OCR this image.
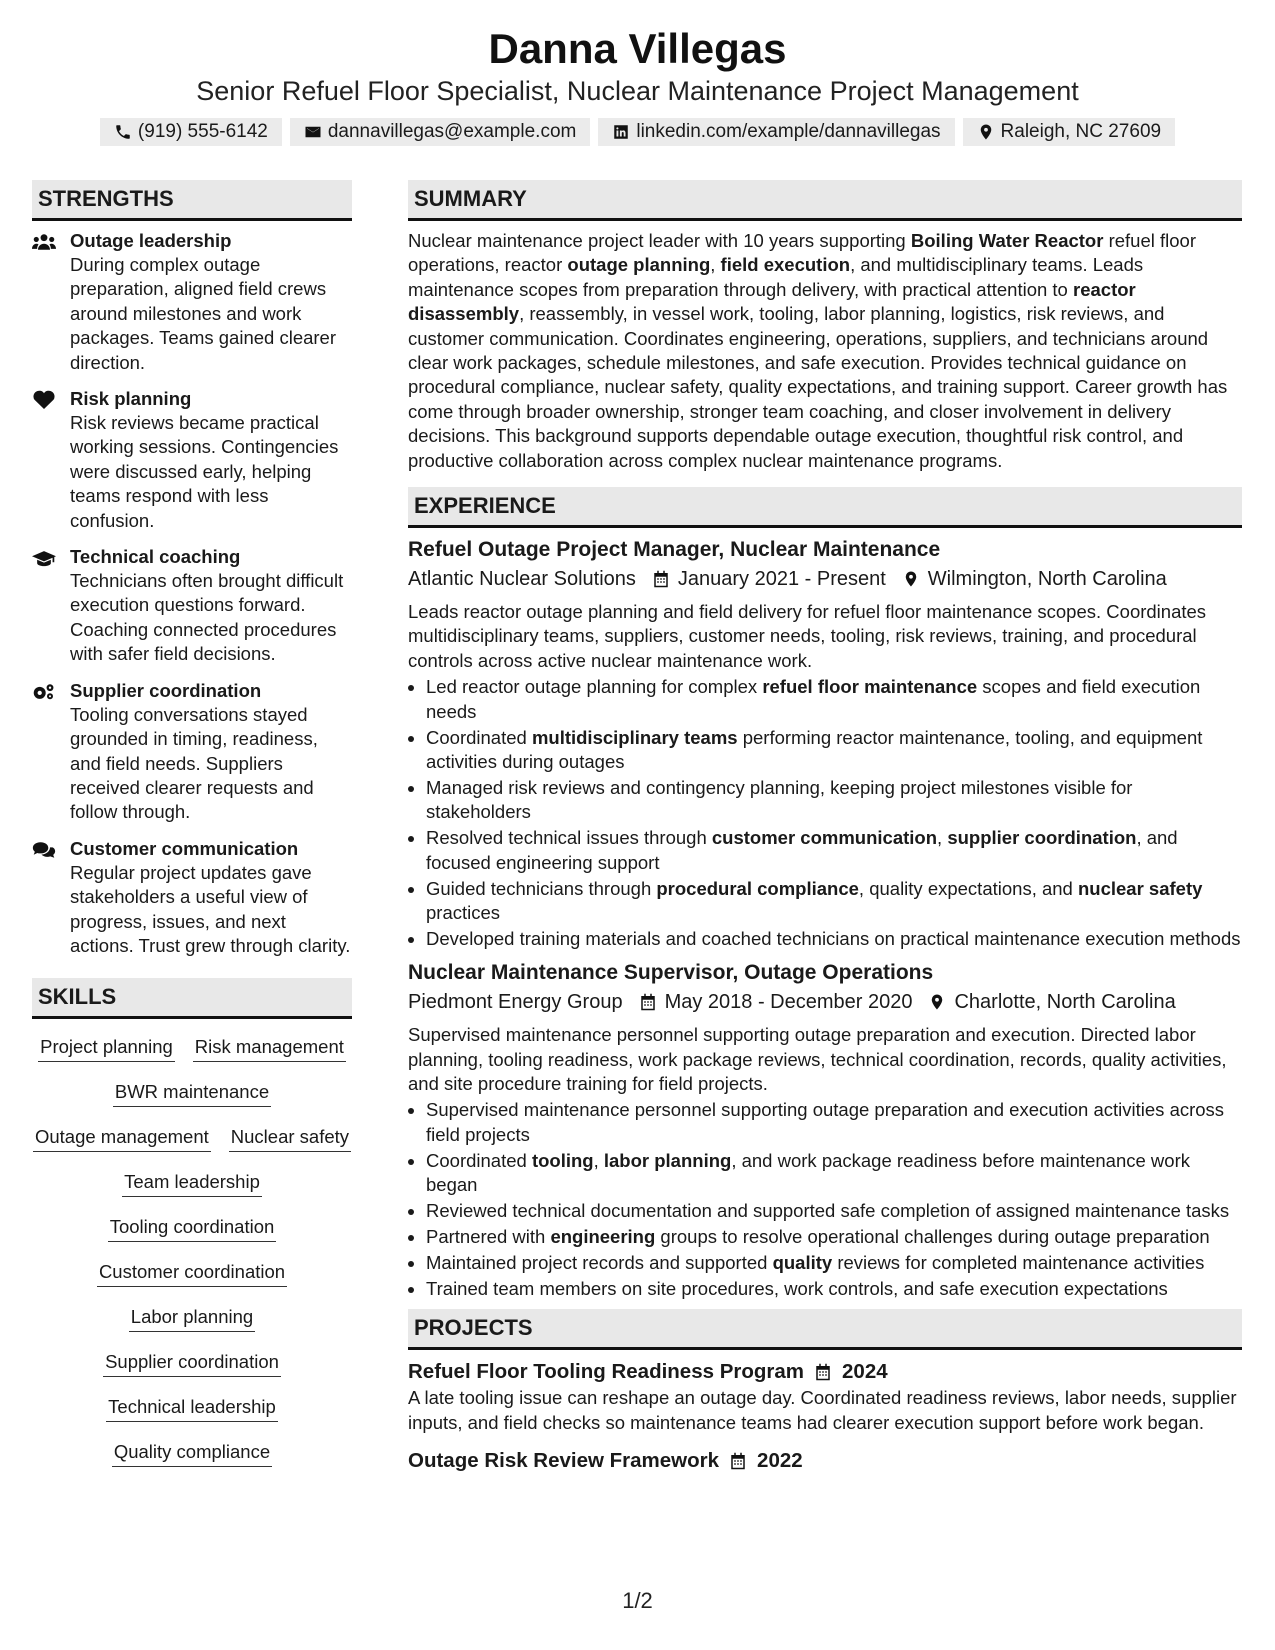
Danna Villegas
Senior Refuel Floor Specialist, Nuclear Maintenance Project Management
(919) 555-6142	dannavillegas@example.com	linkedin.com/example/dannavillegas	Raleigh, NC 27609
STRENGTHS
Outage leadership
During complex outage preparation, aligned field crews around milestones and work packages. Teams gained clearer direction.
Risk planning
Risk reviews became practical working sessions. Contingencies were discussed early, helping teams respond with less confusion.
Technical coaching
Technicians often brought difficult execution questions forward. Coaching connected procedures with safer field decisions.
Supplier coordination
Tooling conversations stayed grounded in timing, readiness, and field needs. Suppliers received clearer requests and follow through.
Customer communication
Regular project updates gave stakeholders a useful view of progress, issues, and next actions. Trust grew through clarity.
SKILLS
Project planning Risk management
BWR maintenance
Outage management Nuclear safety
Team leadership
Tooling coordination
Customer coordination
Labor planning
Supplier coordination
Technical leadership
Quality compliance
SUMMARY
Nuclear maintenance project leader with 10 years supporting Boiling Water Reactor refuel floor operations, reactor outage planning, field execution, and multidisciplinary teams. Leads maintenance scopes from preparation through delivery, with practical attention to reactor disassembly, reassembly, in vessel work, tooling, labor planning, logistics, risk reviews, and customer communication. Coordinates engineering, operations, suppliers, and technicians around clear work packages, schedule milestones, and safe execution. Provides technical guidance on procedural compliance, nuclear safety, quality expectations, and training support. Career growth has come through broader ownership, stronger team coaching, and closer involvement in delivery decisions. This background supports dependable outage execution, thoughtful risk control, and productive collaboration across complex nuclear maintenance programs.
EXPERIENCE
Refuel Outage Project Manager, Nuclear Maintenance
Atlantic Nuclear Solutions January 2021 - Present Wilmington, North Carolina
Leads reactor outage planning and field delivery for refuel floor maintenance scopes. Coordinates multidisciplinary teams, suppliers, customer needs, tooling, risk reviews, training, and procedural controls across active nuclear maintenance work.
• Led reactor outage planning for complex refuel floor maintenance scopes and field execution needs
• Coordinated multidisciplinary teams performing reactor maintenance, tooling, and equipment activities during outages
• Managed risk reviews and contingency planning, keeping project milestones visible for stakeholders
• Resolved technical issues through customer communication, supplier coordination, and focused engineering support
• Guided technicians through procedural compliance, quality expectations, and nuclear safety practices
• Developed training materials and coached technicians on practical maintenance execution methods
Nuclear Maintenance Supervisor, Outage Operations
Piedmont Energy Group May 2018 - December 2020 Charlotte, North Carolina
Supervised maintenance personnel supporting outage preparation and execution. Directed labor planning, tooling readiness, work package reviews, technical coordination, records, quality activities, and site procedure training for field projects.
• Supervised maintenance personnel supporting outage preparation and execution activities across field projects
• Coordinated tooling, labor planning, and work package readiness before maintenance work began
• Reviewed technical documentation and supported safe completion of assigned maintenance tasks
• Partnered with engineering groups to resolve operational challenges during outage preparation
• Maintained project records and supported quality reviews for completed maintenance activities
• Trained team members on site procedures, work controls, and safe execution expectations
PROJECTS
Refuel Floor Tooling Readiness Program 2024
A late tooling issue can reshape an outage day. Coordinated readiness reviews, labor needs, supplier inputs, and field checks so maintenance teams had clearer execution support before work began.
Outage Risk Review Framework 2022
1/2
